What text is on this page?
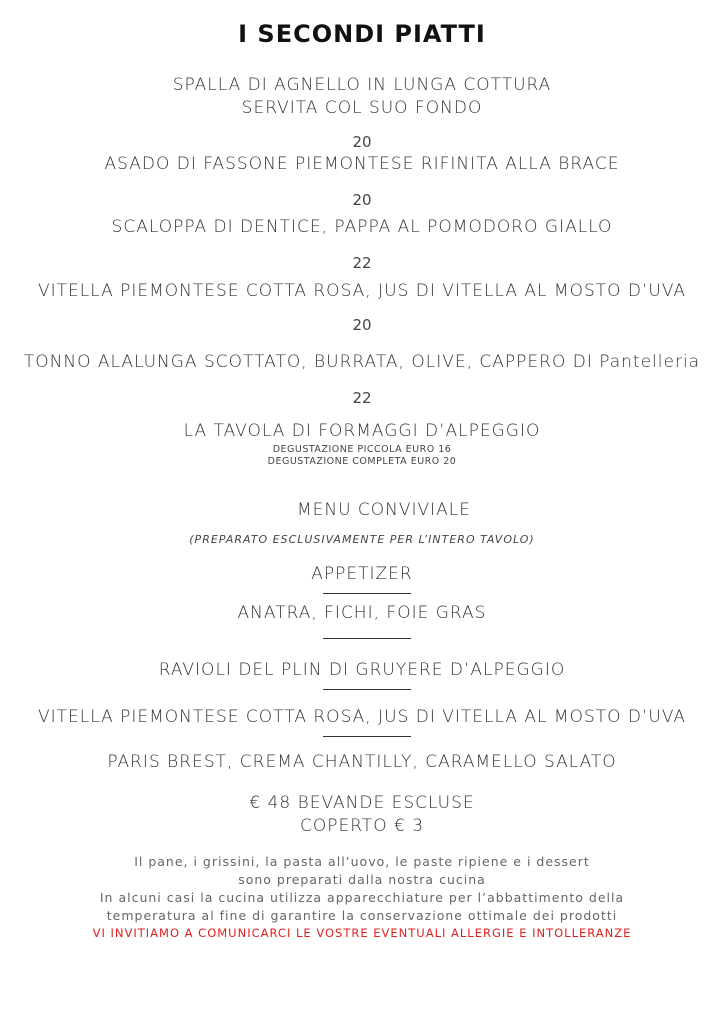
I SECONDI PIATTI
SPALLA DI AGNELLO IN LUNGA COTTURA
SERVITA COL SUO FONDO
20
ASADO DI FASSONE PIEMONTESE RIFINITA ALLA BRACE
20
SCALOPPA DI DENTICE, PAPPA AL POMODORO GIALLO
22
VITELLA PIEMONTESE COTTA ROSA, JUS DI VITELLA AL MOSTO D’UVA
20
TONNO ALALUNGA SCOTTATO, BURRATA, OLIVE, CAPPERO DI Pantelleria
22
LA TAVOLA DI FORMAGGI D’ALPEGGIO
DEGUSTAZIONE PICCOLA EURO 16
DEGUSTAZIONE COMPLETA EURO 20
MENU CONVIVIALE
(PREPARATO ESCLUSIVAMENTE PER L’INTERO TAVOLO)
APPETIZER
ANATRA, FICHI, FOIE GRAS
RAVIOLI DEL PLIN DI GRUYERE D’ALPEGGIO
VITELLA PIEMONTESE COTTA ROSA, JUS DI VITELLA AL MOSTO D’UVA
PARIS BREST, CREMA CHANTILLY, CARAMELLO SALATO
€ 48 BEVANDE ESCLUSE
COPERTO € 3
Il pane, i grissini, la pasta all’uovo, le paste ripiene e i dessert
sono preparati dalla nostra cucina
In alcuni casi la cucina utilizza apparecchiature per l’abbattimento della
temperatura al fine di garantire la conservazione ottimale dei prodotti
VI INVITIAMO A COMUNICARCI LE VOSTRE EVENTUALI ALLERGIE E INTOLLERANZE
